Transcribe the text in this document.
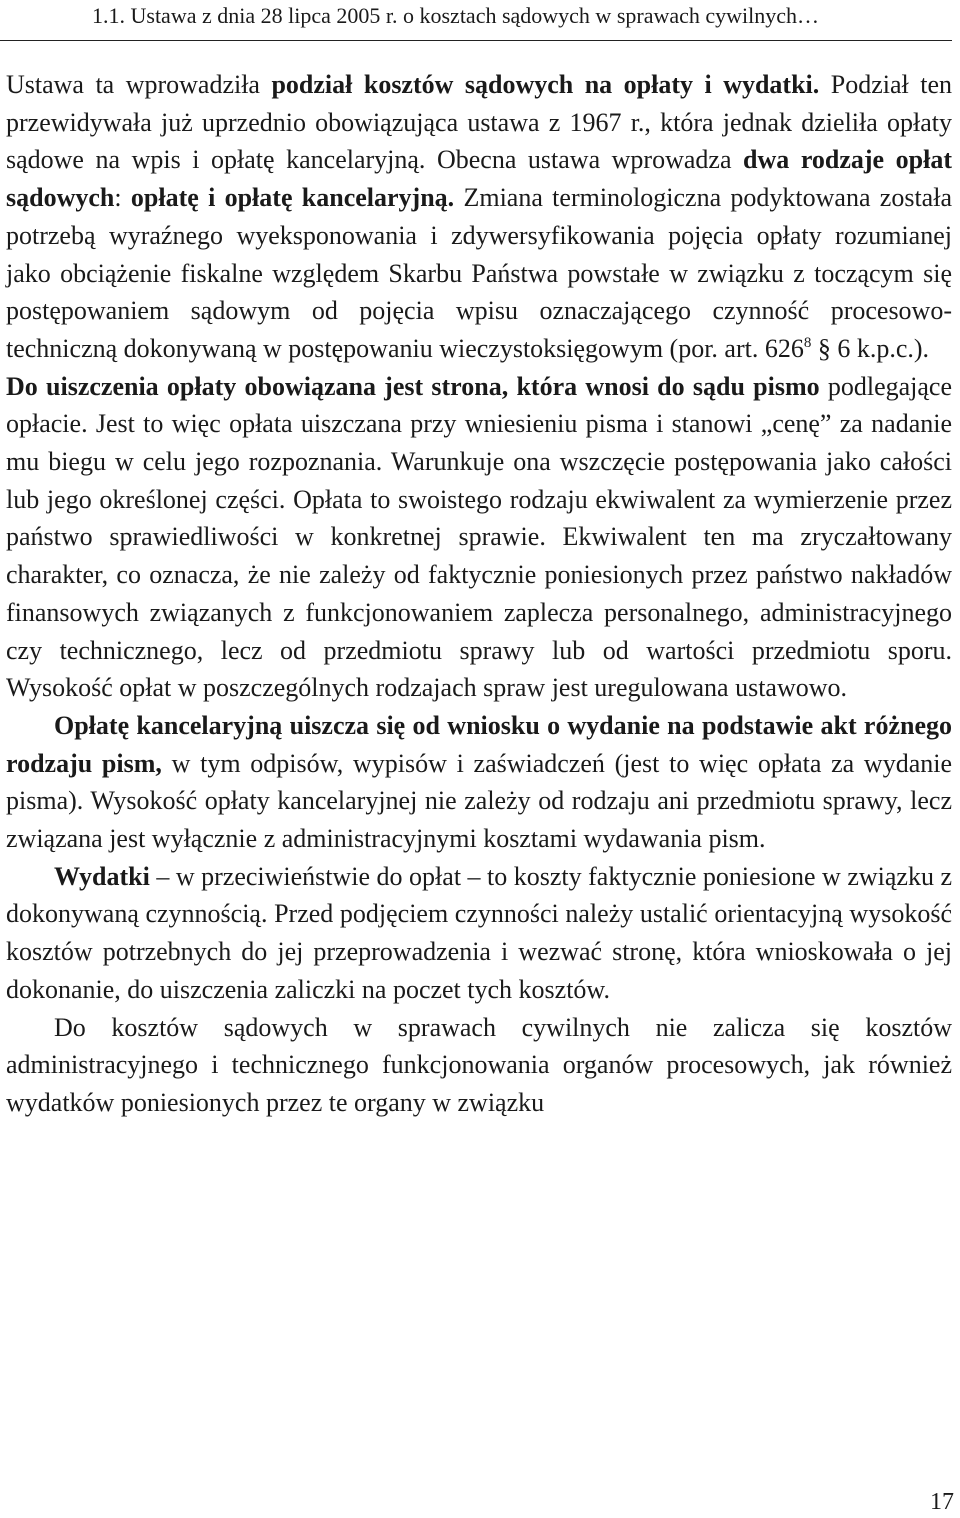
1.1. Ustawa z dnia 28 lipca 2005 r. o kosztach sądowych w sprawach cywilnych…

Ustawa ta wprowadziła podział kosztów sądowych na opłaty i wydatki. Podział ten przewidywała już uprzednio obowiązująca ustawa z 1967 r., która jednak dzieliła opłaty sądowe na wpis i opłatę kancelaryjną. Obecna ustawa wprowadza dwa rodzaje opłat sądowych: opłatę i opłatę kancelaryjną. Zmiana terminologiczna podyktowana została potrzebą wyraźnego wyeksponowania i zdywersyfikowania pojęcia opłaty rozumianej jako obciążenie fiskalne względem Skarbu Państwa powstałe w związku z toczącym się postępowaniem sądowym od pojęcia wpisu oznaczającego czynność procesowo-techniczną dokonywaną w postępowaniu wieczystoksięgowym (por. art. $626^8$ § 6 k.p.c.).

Do uiszczenia opłaty obowiązana jest strona, która wnosi do sądu pismo podlegające opłacie. Jest to więc opłata uiszczana przy wniesieniu pisma i stanowi „cenę” za nadanie mu biegu w celu jego rozpoznania. Warunkuje ona wszczęcie postępowania jako całości lub jego określonej części. Opłata to swoistego rodzaju ekwiwalent za wymierzenie przez państwo sprawiedliwości w konkretnej sprawie. Ekwiwalent ten ma zryczałtowany charakter, co oznacza, że nie zależy od faktycznie poniesionych przez państwo nakładów finansowych związanych z funkcjonowaniem zaplecza personalnego, administracyjnego czy technicznego, lecz od przedmiotu sprawy lub od wartości przedmiotu sporu. Wysokość opłat w poszczególnych rodzajach spraw jest uregulowana ustawowo.

Opłatę kancelaryjną uiszcza się od wniosku o wydanie na podstawie akt różnego rodzaju pism, w tym odpisów, wypisów i zaświadczeń (jest to więc opłata za wydanie pisma). Wysokość opłaty kancelaryjnej nie zależy od rodzaju ani przedmiotu sprawy, lecz związana jest wyłącznie z administracyjnymi kosztami wydawania pism.

Wydatki – w przeciwieństwie do opłat – to koszty faktycznie poniesione w związku z dokonywaną czynnością. Przed podjęciem czynności należy ustalić orientacyjną wysokość kosztów potrzebnych do jej przeprowadzenia i wezwać stronę, która wnioskowała o jej dokonanie, do uiszczenia zaliczki na poczet tych kosztów.

Do kosztów sądowych w sprawach cywilnych nie zalicza się kosztów administracyjnego i technicznego funkcjonowania organów procesowych, jak również wydatków poniesionych przez te organy w związku

17
